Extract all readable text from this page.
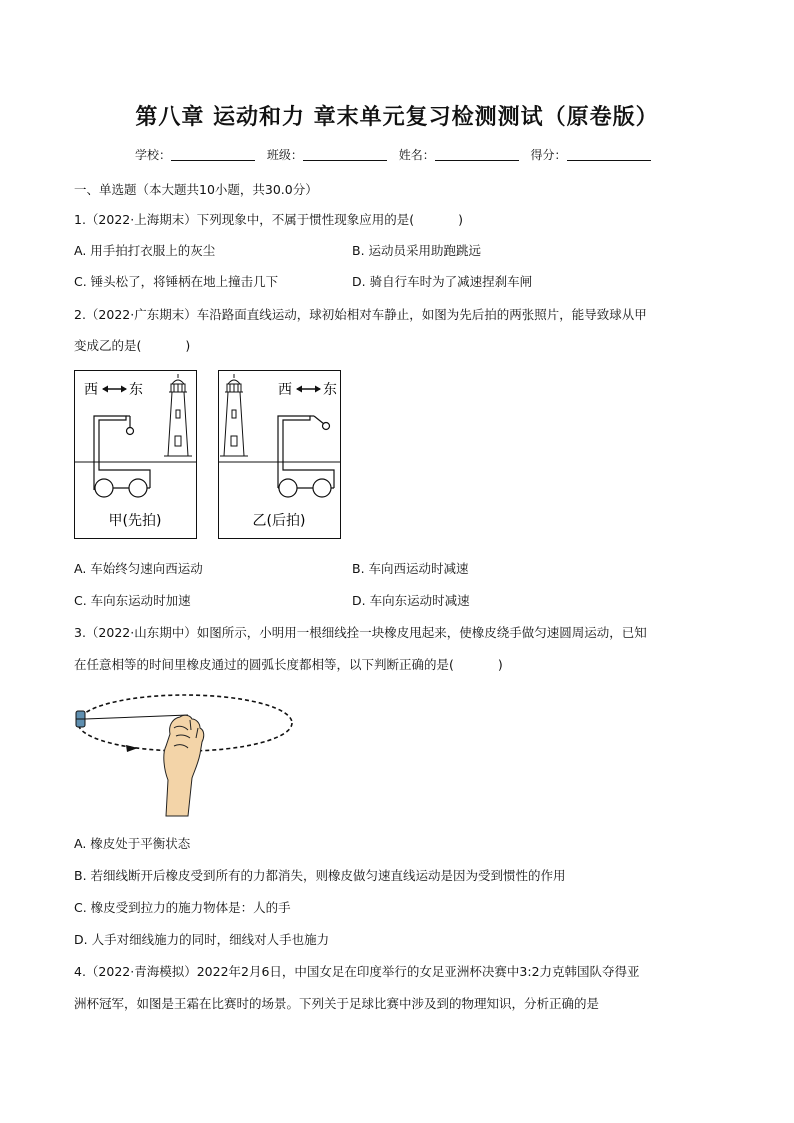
第八章 运动和力 章末单元复习检测测试（原卷版）
学校：	班级：	姓名：	得分：
一、单选题（本大题共10小题，共30.0分）
1.（2022·上海期末）下列现象中，不属于惯性现象应用的是(	)
A. 用手拍打衣服上的灰尘	B. 运动员采用助跑跳远
C. 锤头松了，将锤柄在地上撞击几下	D. 骑自行车时为了减速捏刹车闸
2.（2022·广东期末）车沿路面直线运动，球初始相对车静止，如图为先后拍的两张照片，能导致球从甲
变成乙的是(	)
西 东
甲(先拍)
西 东
乙(后拍)
A. 车始终匀速向西运动	B. 车向西运动时减速
C. 车向东运动时加速	D. 车向东运动时减速
3.（2022·山东期中）如图所示，小明用一根细线拴一块橡皮甩起来，使橡皮绕手做匀速圆周运动，已知
在任意相等的时间里橡皮通过的圆弧长度都相等，以下判断正确的是(	)
A. 橡皮处于平衡状态
B. 若细线断开后橡皮受到所有的力都消失，则橡皮做匀速直线运动是因为受到惯性的作用
C. 橡皮受到拉力的施力物体是：人的手
D. 人手对细线施力的同时，细线对人手也施力
4.（2022·青海模拟）2022年2月6日，中国女足在印度举行的女足亚洲杯决赛中3:2力克韩国队夺得亚
洲杯冠军，如图是王霜在比赛时的场景。下列关于足球比赛中涉及到的物理知识，分析正确的是
